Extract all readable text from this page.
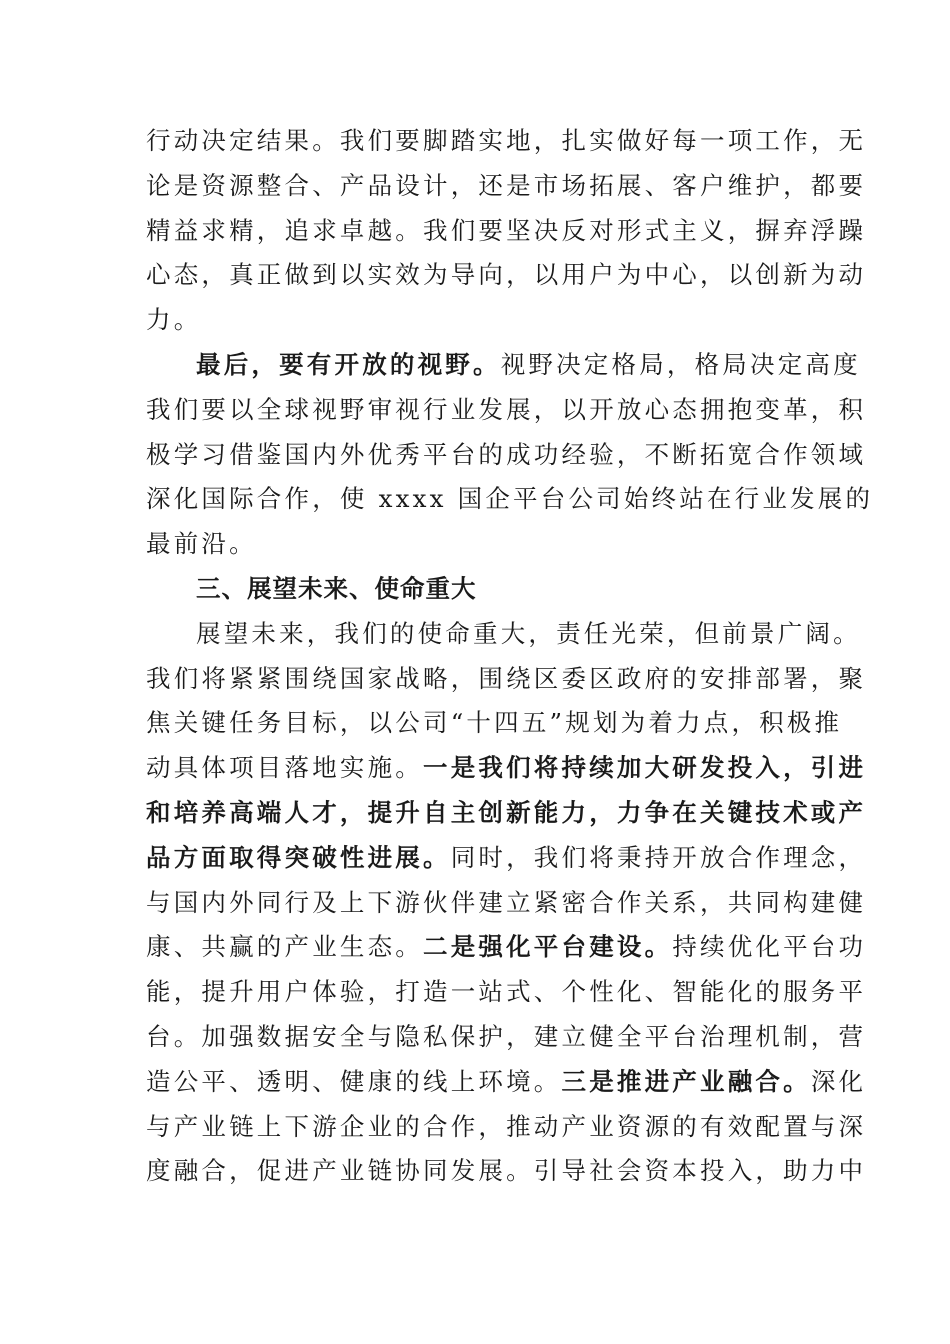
行动决定结果。我们要脚踏实地，扎实做好每一项工作，无
论是资源整合、产品设计，还是市场拓展、客户维护，都要
精益求精，追求卓越。我们要坚决反对形式主义，摒弃浮躁
心态，真正做到以实效为导向，以用户为中心，以创新为动
力。
最后，要有开放的视野。视野决定格局，格局决定高度
我们要以全球视野审视行业发展，以开放心态拥抱变革，积
极学习借鉴国内外优秀平台的成功经验，不断拓宽合作领域
深化国际合作，使 xxxx 国企平台公司始终站在行业发展的
最前沿。
三、展望未来、使命重大
展望未来，我们的使命重大，责任光荣，但前景广阔。
我们将紧紧围绕国家战略，围绕区委区政府的安排部署，聚
焦关键任务目标，以公司“十四五”规划为着力点，积极推
动具体项目落地实施。一是我们将持续加大研发投入，引进
和培养高端人才，提升自主创新能力，力争在关键技术或产
品方面取得突破性进展。同时，我们将秉持开放合作理念，
与国内外同行及上下游伙伴建立紧密合作关系，共同构建健
康、共赢的产业生态。二是强化平台建设。持续优化平台功
能，提升用户体验，打造一站式、个性化、智能化的服务平
台。加强数据安全与隐私保护，建立健全平台治理机制，营
造公平、透明、健康的线上环境。三是推进产业融合。深化
与产业链上下游企业的合作，推动产业资源的有效配置与深
度融合，促进产业链协同发展。引导社会资本投入，助力中
